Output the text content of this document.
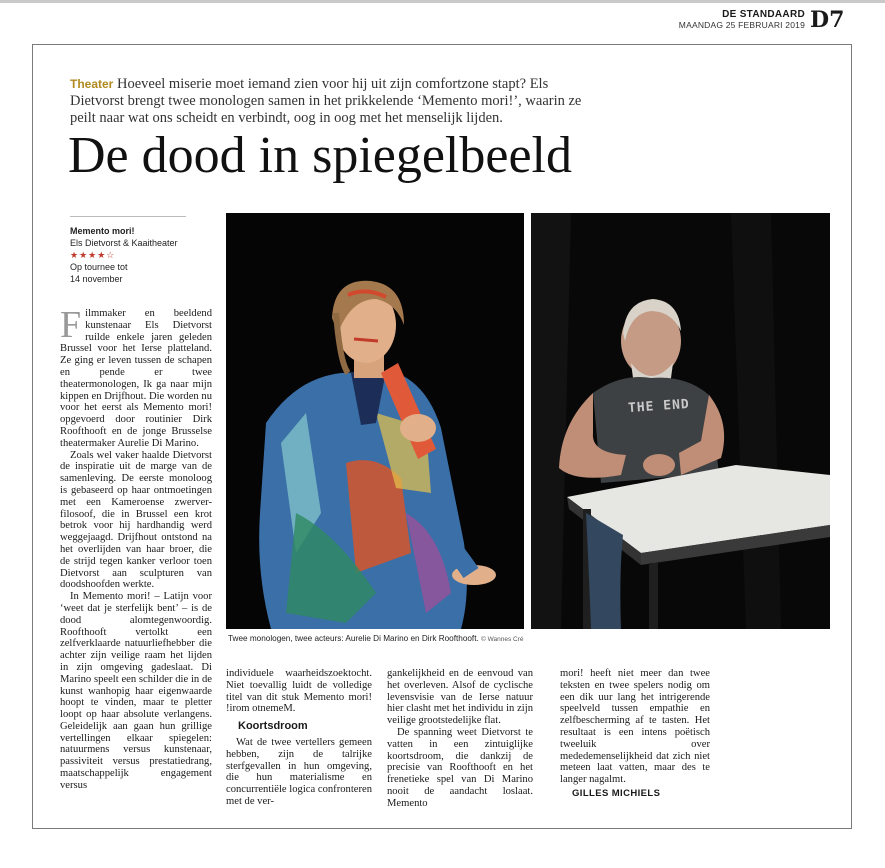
DE STANDAARD
MAANDAG 25 FEBRUARI 2019 D7
Theater Hoeveel miserie moet iemand zien voor hij uit zijn comfortzone stapt? Els Dietvorst brengt twee monologen samen in het prikkelende ‘Memento mori!’, waarin ze peilt naar wat ons scheidt en verbindt, oog in oog met het menselijk lijden.
De dood in spiegelbeeld
Memento mori!
Els Dietvorst & Kaaitheater
★★★★☆
Op tournee tot
14 november
THE END
Twee monologen, twee acteurs: Aurelie Di Marino en Dirk Roofthooft. © Wannes Cré

Filmmaker en beeldend kunstenaar Els Dietvorst ruilde enkele jaren geleden Brussel voor het Ierse platteland. Ze ging er leven tussen de schapen en pende er twee theatermonologen, Ik ga naar mijn kippen en Drijfhout. Die worden nu voor het eerst als Memento mori! opgevoerd door routinier Dirk Roofthooft en de jonge Brusselse theatermaker Aurelie Di Marino.

Zoals wel vaker haalde Dietvorst de inspiratie uit de marge van de samenleving. De eerste monoloog is gebaseerd op haar ontmoetingen met een Kameroense zwerver-filosoof, die in Brussel een krot betrok voor hij hardhandig werd weggejaagd. Drijfhout ontstond na het overlijden van haar broer, die de strijd tegen kanker verloor toen Dietvorst aan sculpturen van doodshoofden werkte.

In Memento mori! – Latijn voor ‘weet dat je sterfelijk bent’ – is de dood alomtegenwoordig. Roofthooft vertolkt een zelfverklaarde natuurliefhebber die achter zijn veilige raam het lijden in zijn omgeving gadeslaat. Di Marino speelt een schilder die in de kunst wanhopig haar eigenwaarde hoopt te vinden, maar te pletter loopt op haar absolute verlangens. Geleidelijk aan gaan hun grillige vertellingen elkaar spiegelen: natuurmens versus kunstenaar, passiviteit versus prestatiedrang, maatschappelijk engagement versus

individuele waarheidszoektocht. Niet toevallig luidt de volledige titel van dit stuk Memento mori! !irom otnemeM.

Koortsdroom

Wat de twee vertellers gemeen hebben, zijn de talrijke sterfgevallen in hun omgeving, die hun materialisme en concurrentiële logica confronteren met de ver-

gankelijkheid en de eenvoud van het overleven. Alsof de cyclische levensvisie van de Ierse natuur hier clasht met het individu in zijn veilige grootstedelijke flat.

De spanning weet Dietvorst te vatten in een zintuiglijke koortsdroom, die dankzij de precisie van Roofthooft en het frenetieke spel van Di Marino nooit de aandacht loslaat. Memento

mori! heeft niet meer dan twee teksten en twee spelers nodig om een dik uur lang het intrigerende speelveld tussen empathie en zelfbescherming af te tasten. Het resultaat is een intens poëtisch tweeluik over mededemenselijkheid dat zich niet meteen laat vatten, maar des te langer nagalmt.

GILLES MICHIELS
